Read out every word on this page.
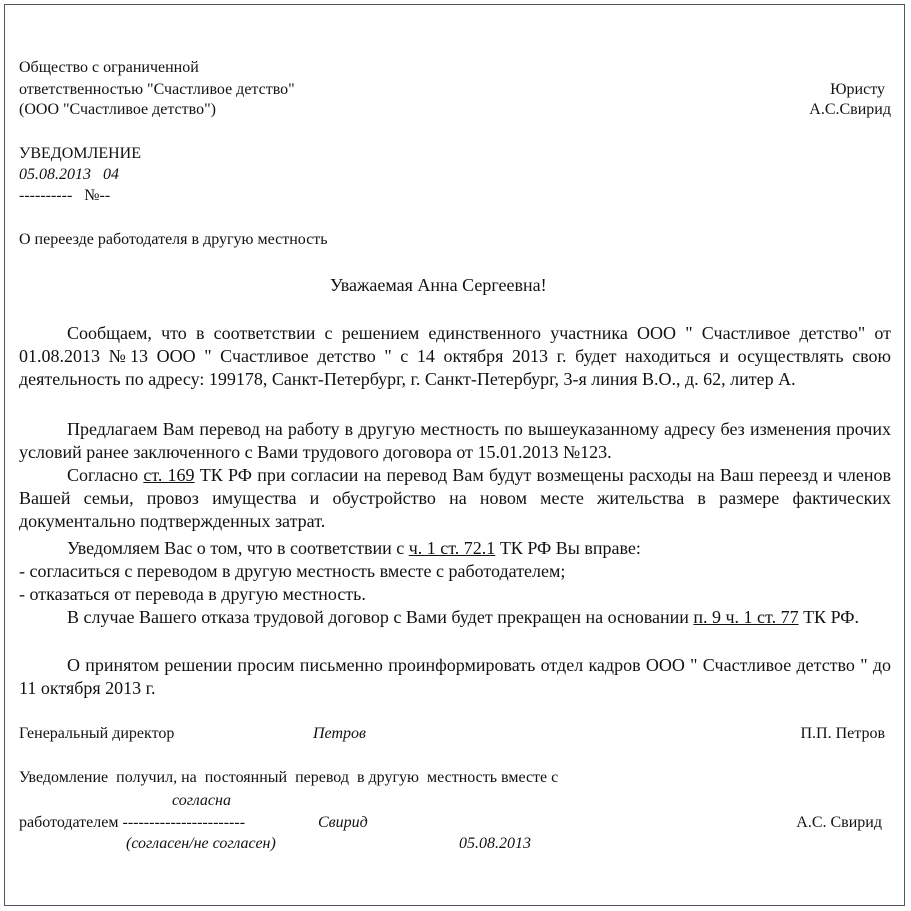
Общество с ограниченной
ответственностью "Счастливое детство"
(ООО "Счастливое детство")
Юристу
А.С.Свирид
УВЕДОМЛЕНИЕ
05.08.2013   04
----------   №--
О переезде работодателя в другую местность
Уважаемая Анна Сергеевна!
Сообщаем, что в соответствии с решением единственного участника ООО " Счастливое детство" от 01.08.2013 №13 ООО " Счастливое детство " с 14 октября 2013 г. будет находиться и осуществлять свою деятельность по адресу: 199178, Санкт-Петербург, г. Санкт-Петербург, 3-я линия В.О., д. 62, литер А.
Предлагаем Вам перевод на работу в другую местность по вышеуказанному адресу без изменения прочих условий ранее заключенного с Вами трудового договора от 15.01.2013 №123.
Согласно ст. 169 ТК РФ при согласии на перевод Вам будут возмещены расходы на Ваш переезд и членов Вашей семьи, провоз имущества и обустройство на новом месте жительства в размере фактических документально подтвержденных затрат.
Уведомляем Вас о том, что в соответствии с ч. 1 ст. 72.1 ТК РФ Вы вправе:
- согласиться с переводом в другую местность вместе с работодателем;
- отказаться от перевода в другую местность.
В случае Вашего отказа трудовой договор с Вами будет прекращен на основании п. 9 ч. 1 ст. 77 ТК РФ.
О принятом решении просим письменно проинформировать отдел кадров ООО " Счастливое детство " до 11 октября 2013 г.
Генеральный директор	Петров	П.П. Петров
Уведомление  получил, на  постоянный  перевод  в другую  местность вместе с
согласна
работодателем -----------------------	Свирид	А.С. Свирид
(согласен/не согласен)	05.08.2013
